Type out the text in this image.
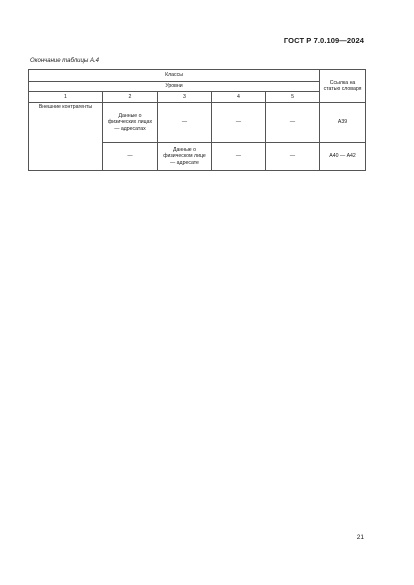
ГОСТ Р 7.0.109—2024
Окончание таблицы А.4
Классы					Ссылка на статью словаря
Уровни					
1	2	3	4	5	
Внешние контрагенты	Данные о физических лицах — адресатах	—	—	—	А39
	—	Данные о физическом лице — адресате	—	—	А40 — А42
21
